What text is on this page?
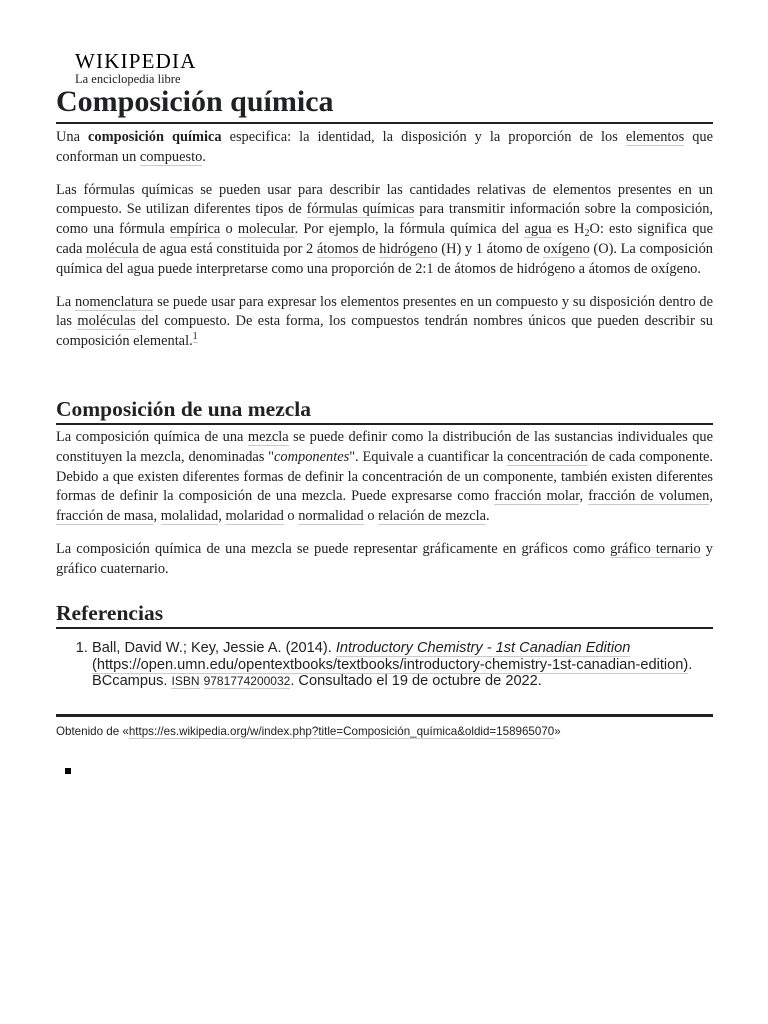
WIKIPEDIA
La enciclopedia libre
Composición química

Una composición química especifica: la identidad, la disposición y la proporción de los elementos que conforman un compuesto.

Las fórmulas químicas se pueden usar para describir las cantidades relativas de elementos presentes en un compuesto. Se utilizan diferentes tipos de fórmulas químicas para transmitir información sobre la composición, como una fórmula empírica o molecular. Por ejemplo, la fórmula química del agua es $H_2O$: esto significa que cada molécula de agua está constituida por 2 átomos de hidrógeno (H) y 1 átomo de oxígeno (O). La composición química del agua puede interpretarse como una proporción de 2:1 de átomos de hidrógeno a átomos de oxígeno.

La nomenclatura se puede usar para expresar los elementos presentes en un compuesto y su disposición dentro de las moléculas del compuesto. De esta forma, los compuestos tendrán nombres únicos que pueden describir su composición elemental.$^1$

Composición de una mezcla

La composición química de una mezcla se puede definir como la distribución de las sustancias individuales que constituyen la mezcla, denominadas "componentes". Equivale a cuantificar la concentración de cada componente. Debido a que existen diferentes formas de definir la concentración de un componente, también existen diferentes formas de definir la composición de una mezcla. Puede expresarse como fracción molar, fracción de volumen, fracción de masa, molalidad, molaridad o normalidad o relación de mezcla.

La composición química de una mezcla se puede representar gráficamente en gráficos como gráfico ternario y gráfico cuaternario.

Referencias
1. Ball, David W.; Key, Jessie A. (2014). Introductory Chemistry - 1st Canadian Edition (https://open.umn.edu/opentextbooks/textbooks/introductory-chemistry-1st-canadian-edition). BCcampus. ISBN 9781774200032. Consultado el 19 de octubre de 2022.
Obtenido de «https://es.wikipedia.org/w/index.php?title=Composición_química&oldid=158965070»
